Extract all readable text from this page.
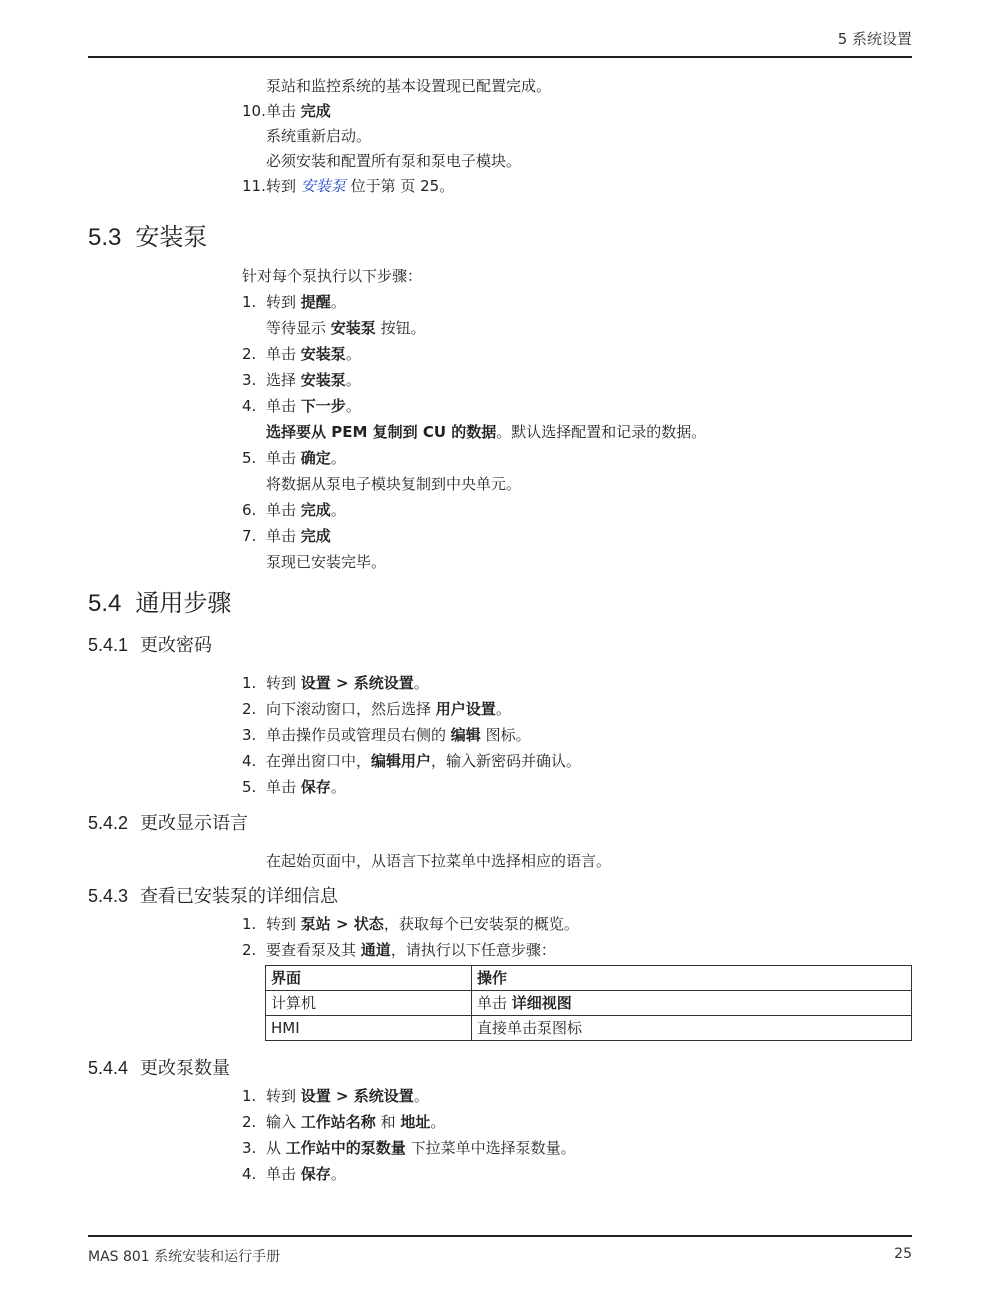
5 系统设置
泵站和监控系统的基本设置现已配置完成。
10. 单击 完成
系统重新启动。
必须安装和配置所有泵和泵电子模块。
11. 转到 安装泵 位于第 页 25。
5.3 安装泵
针对每个泵执行以下步骤：
1. 转到 提醒。
等待显示 安装泵 按钮。
2. 单击 安装泵。
3. 选择 安装泵。
4. 单击 下一步。
选择要从 PEM 复制到 CU 的数据。默认选择配置和记录的数据。
5. 单击 确定。
将数据从泵电子模块复制到中央单元。
6. 单击 完成。
7. 单击 完成
泵现已安装完毕。
5.4 通用步骤
5.4.1 更改密码
1. 转到 设置 > 系统设置。
2. 向下滚动窗口，然后选择 用户设置。
3. 单击操作员或管理员右侧的 编辑 图标。
4. 在弹出窗口中，编辑用户，输入新密码并确认。
5. 单击 保存。
5.4.2 更改显示语言
在起始页面中，从语言下拉菜单中选择相应的语言。
5.4.3 查看已安装泵的详细信息
1. 转到 泵站 > 状态，获取每个已安装泵的概览。
2. 要查看泵及其 通道，请执行以下任意步骤：
界面	操作
计算机	单击 详细视图
HMI	直接单击泵图标
5.4.4 更改泵数量
1. 转到 设置 > 系统设置。
2. 输入 工作站名称 和 地址。
3. 从 工作站中的泵数量 下拉菜单中选择泵数量。
4. 单击 保存。
MAS 801 系统安装和运行手册	25
